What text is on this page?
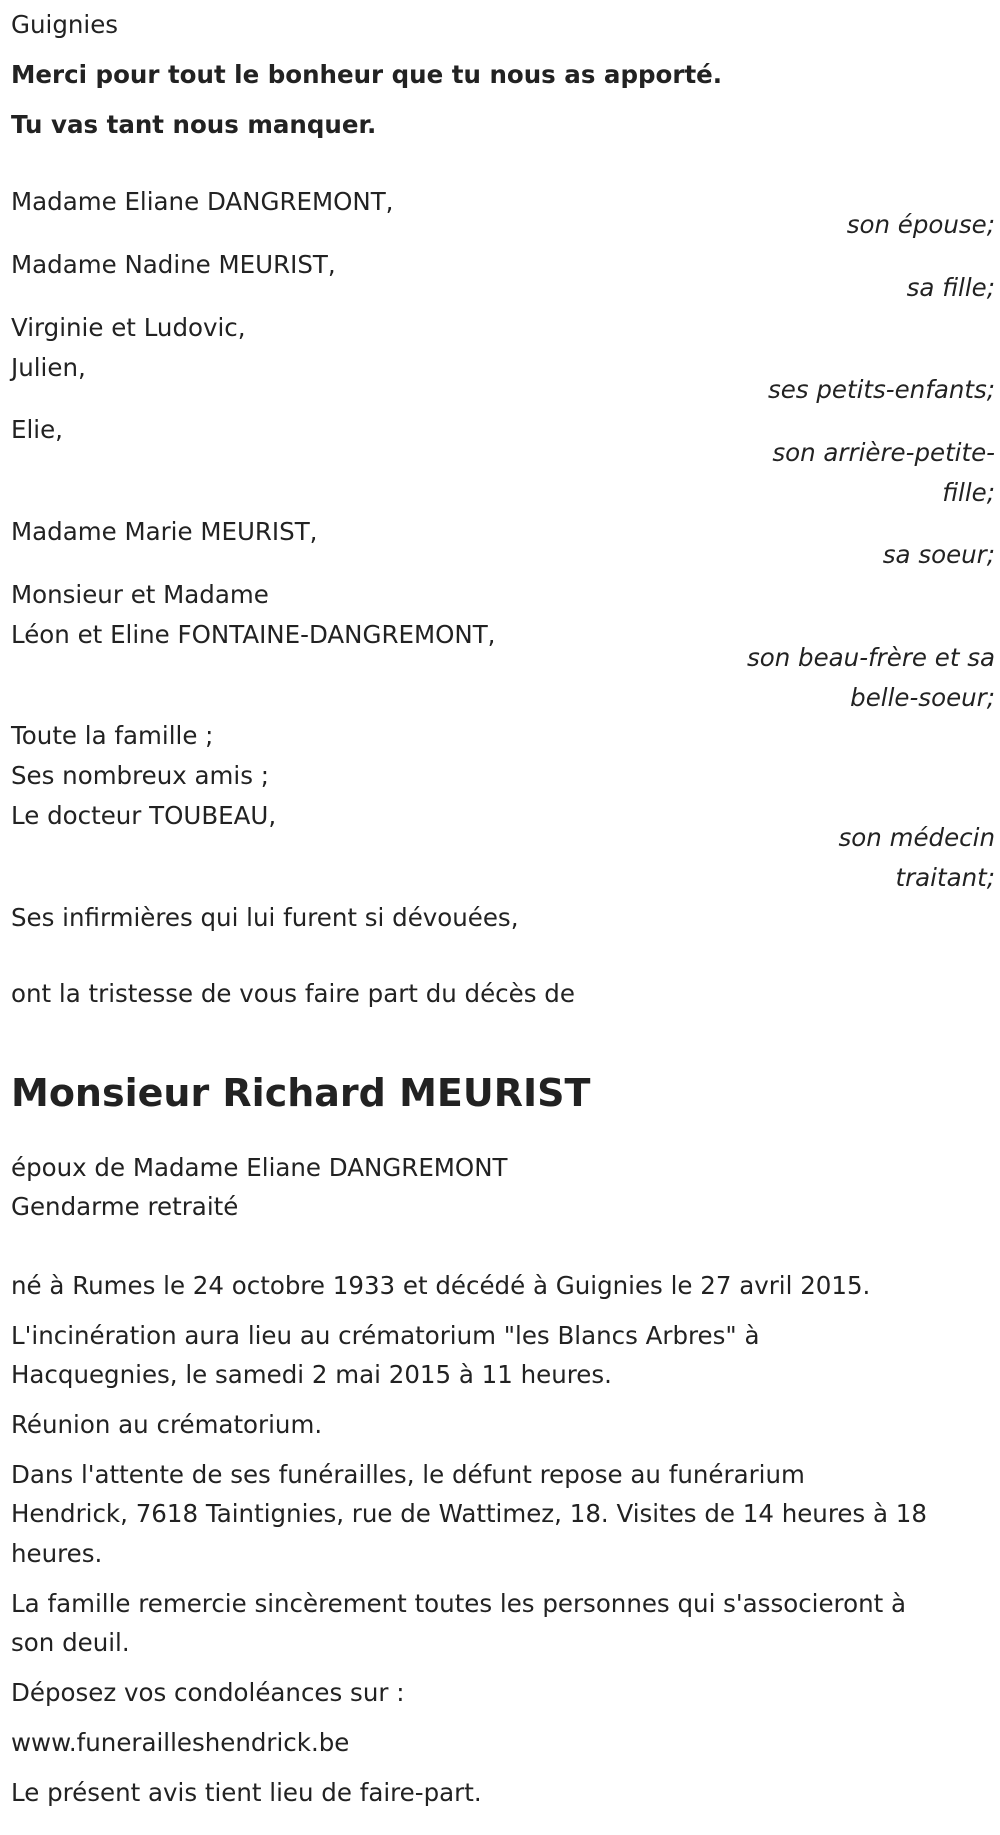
Guignies
Merci pour tout le bonheur que tu nous as apporté.
Tu vas tant nous manquer.
Madame Eliane DANGREMONT,
son épouse;
Madame Nadine MEURIST,
sa fille;
Virginie et Ludovic,
Julien,
ses petits-enfants;
Elie,
son arrière-petite-fille;
Madame Marie MEURIST,
sa soeur;
Monsieur et Madame
Léon et Eline FONTAINE-DANGREMONT,
son beau-frère et sa belle-soeur;
Toute la famille ;
Ses nombreux amis ;
Le docteur TOUBEAU,
son médecin traitant;
Ses infirmières qui lui furent si dévouées,
ont la tristesse de vous faire part du décès de
Monsieur Richard MEURIST
époux de Madame Eliane DANGREMONT
Gendarme retraité
né à Rumes le 24 octobre 1933 et décédé à Guignies le 27 avril 2015.
L'incinération aura lieu au crématorium "les Blancs Arbres" à
Hacquegnies, le samedi 2 mai 2015 à 11 heures.
Réunion au crématorium.
Dans l'attente de ses funérailles, le défunt repose au funérarium
Hendrick, 7618 Taintignies, rue de Wattimez, 18. Visites de 14 heures à 18
heures.
La famille remercie sincèrement toutes les personnes qui s'associeront à
son deuil.
Déposez vos condoléances sur :
www.funerailleshendrick.be
Le présent avis tient lieu de faire-part.
